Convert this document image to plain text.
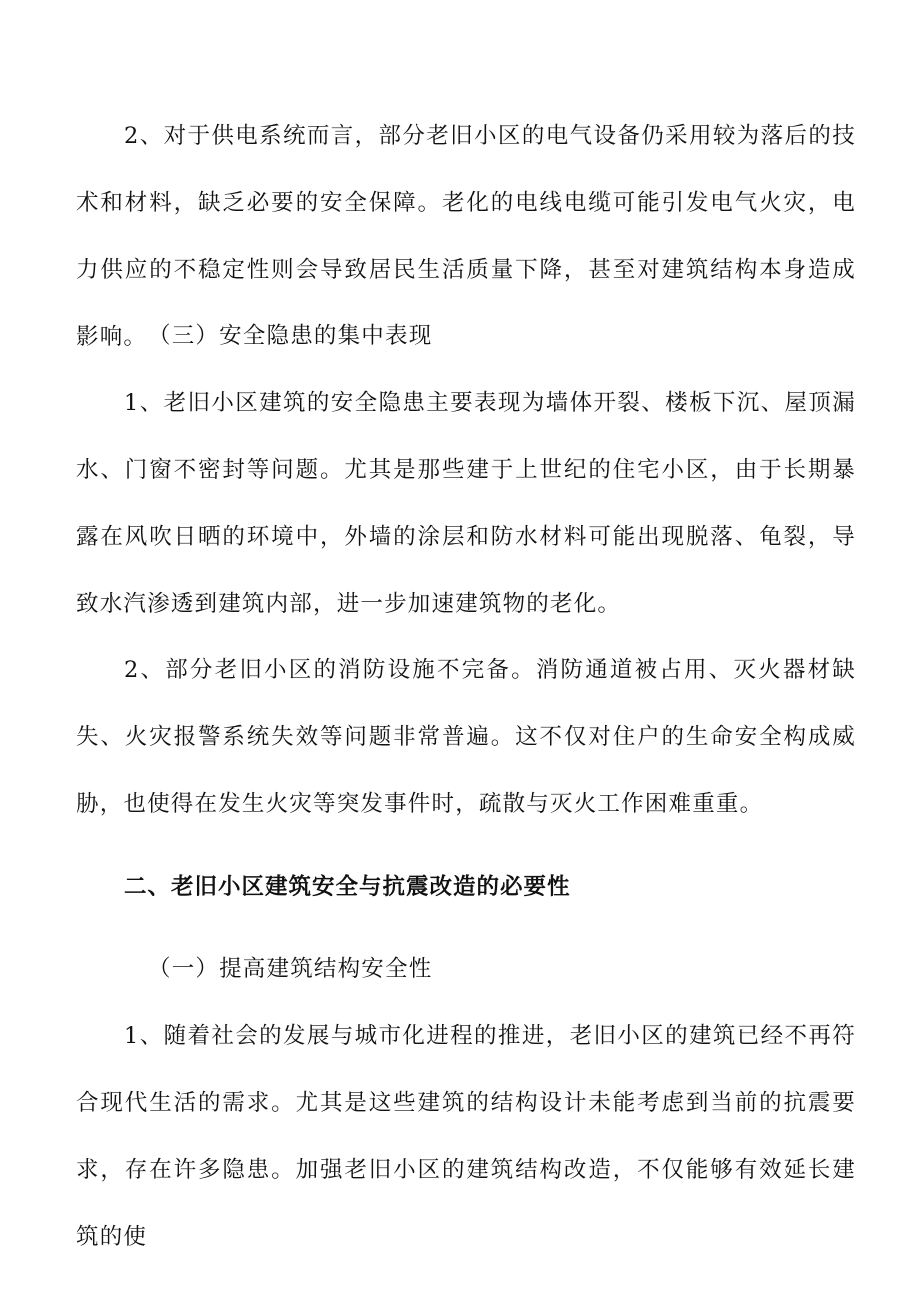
2、对于供电系统而言，部分老旧小区的电气设备仍采用较为落后的技术和材料，缺乏必要的安全保障。老化的电线电缆可能引发电气火灾，电力供应的不稳定性则会导致居民生活质量下降，甚至对建筑结构本身造成影响。 （三）安全隐患的集中表现

1、老旧小区建筑的安全隐患主要表现为墙体开裂、楼板下沉、屋顶漏水、门窗不密封等问题。尤其是那些建于上世纪的住宅小区，由于长期暴露在风吹日晒的环境中，外墙的涂层和防水材料可能出现脱落、龟裂，导致水汽渗透到建筑内部，进一步加速建筑物的老化。

2、部分老旧小区的消防设施不完备。消防通道被占用、灭火器材缺失、火灾报警系统失效等问题非常普遍。这不仅对住户的生命安全构成威胁，也使得在发生火灾等突发事件时，疏散与灭火工作困难重重。

二、老旧小区建筑安全与抗震改造的必要性

（一）提高建筑结构安全性

1、随着社会的发展与城市化进程的推进，老旧小区的建筑已经不再符合现代生活的需求。尤其是这些建筑的结构设计未能考虑到当前的抗震要求，存在许多隐患。加强老旧小区的建筑结构改造，不仅能够有效延长建筑的使
